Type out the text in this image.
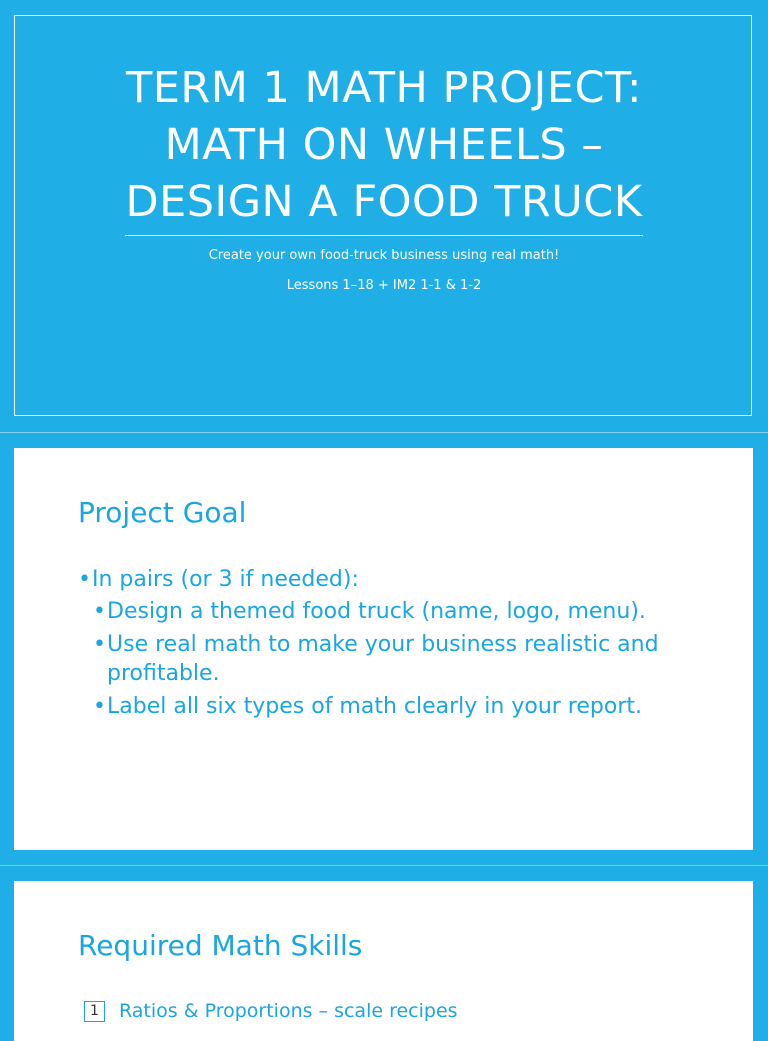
TERM 1 MATH PROJECT:
MATH ON WHEELS –
DESIGN A FOOD TRUCK
Create your own food-truck business using real math!
Lessons 1–18 + IM2 1-1 & 1-2
Project Goal
• In pairs (or 3 if needed):
• Design a themed food truck (name, logo, menu).
• Use real math to make your business realistic and profitable.
• Label all six types of math clearly in your report.
Required Math Skills
1	Ratios & Proportions – scale recipes
